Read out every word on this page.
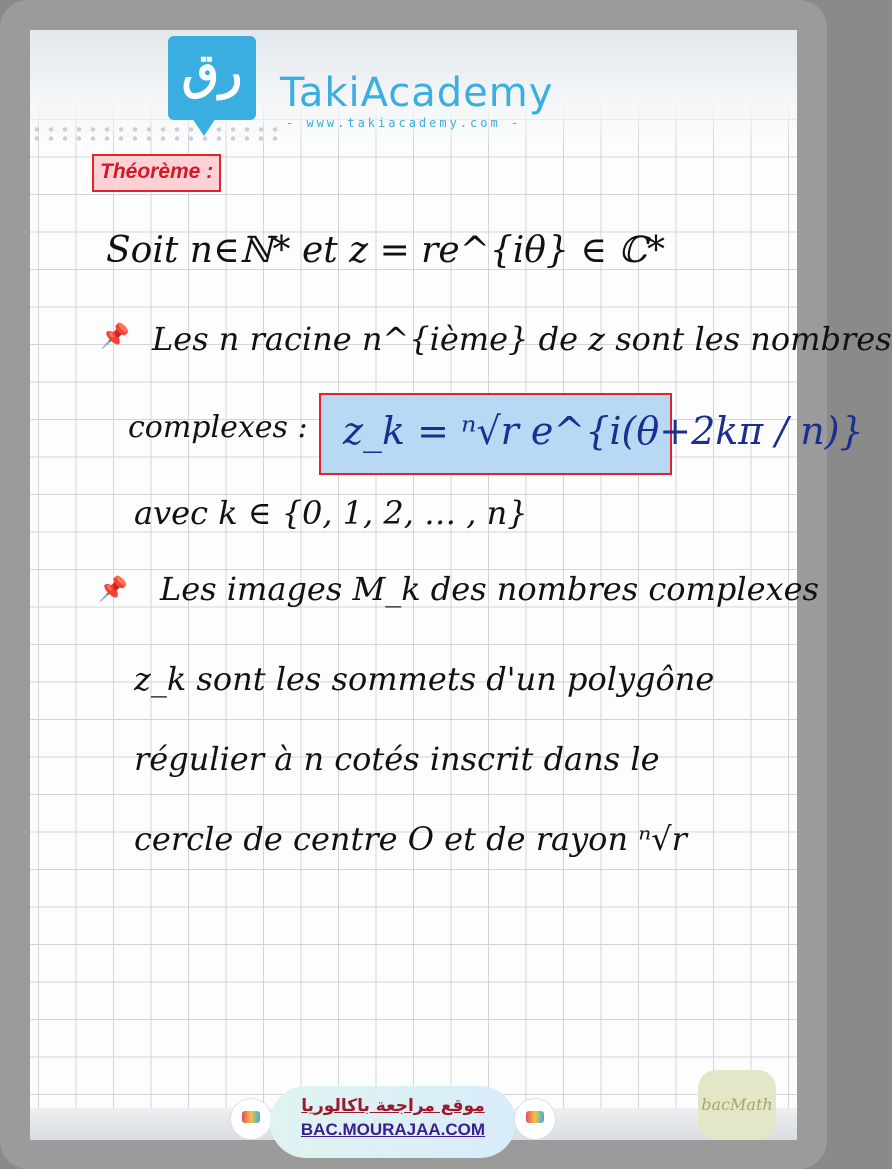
رق TakiAcademy
- www.takiacademy.com -
Théorème :
Soit n∈ℕ* et z = re^{iθ} ∈ ℂ*
📌 Les n racine n^{ième} de z sont les nombres
complexes : z_k = ⁿ√r e^{i(θ+2kπ / n)}
avec k ∈ {0, 1, 2, … , n}
📌 Les images M_k des nombres complexes
z_k sont les sommets d'un polygône
régulier à n cotés inscrit dans le
cercle de centre O et de rayon ⁿ√r
موقع مراجعة باكالوريا
BAC.MOURAJAA.COM
bacMath
